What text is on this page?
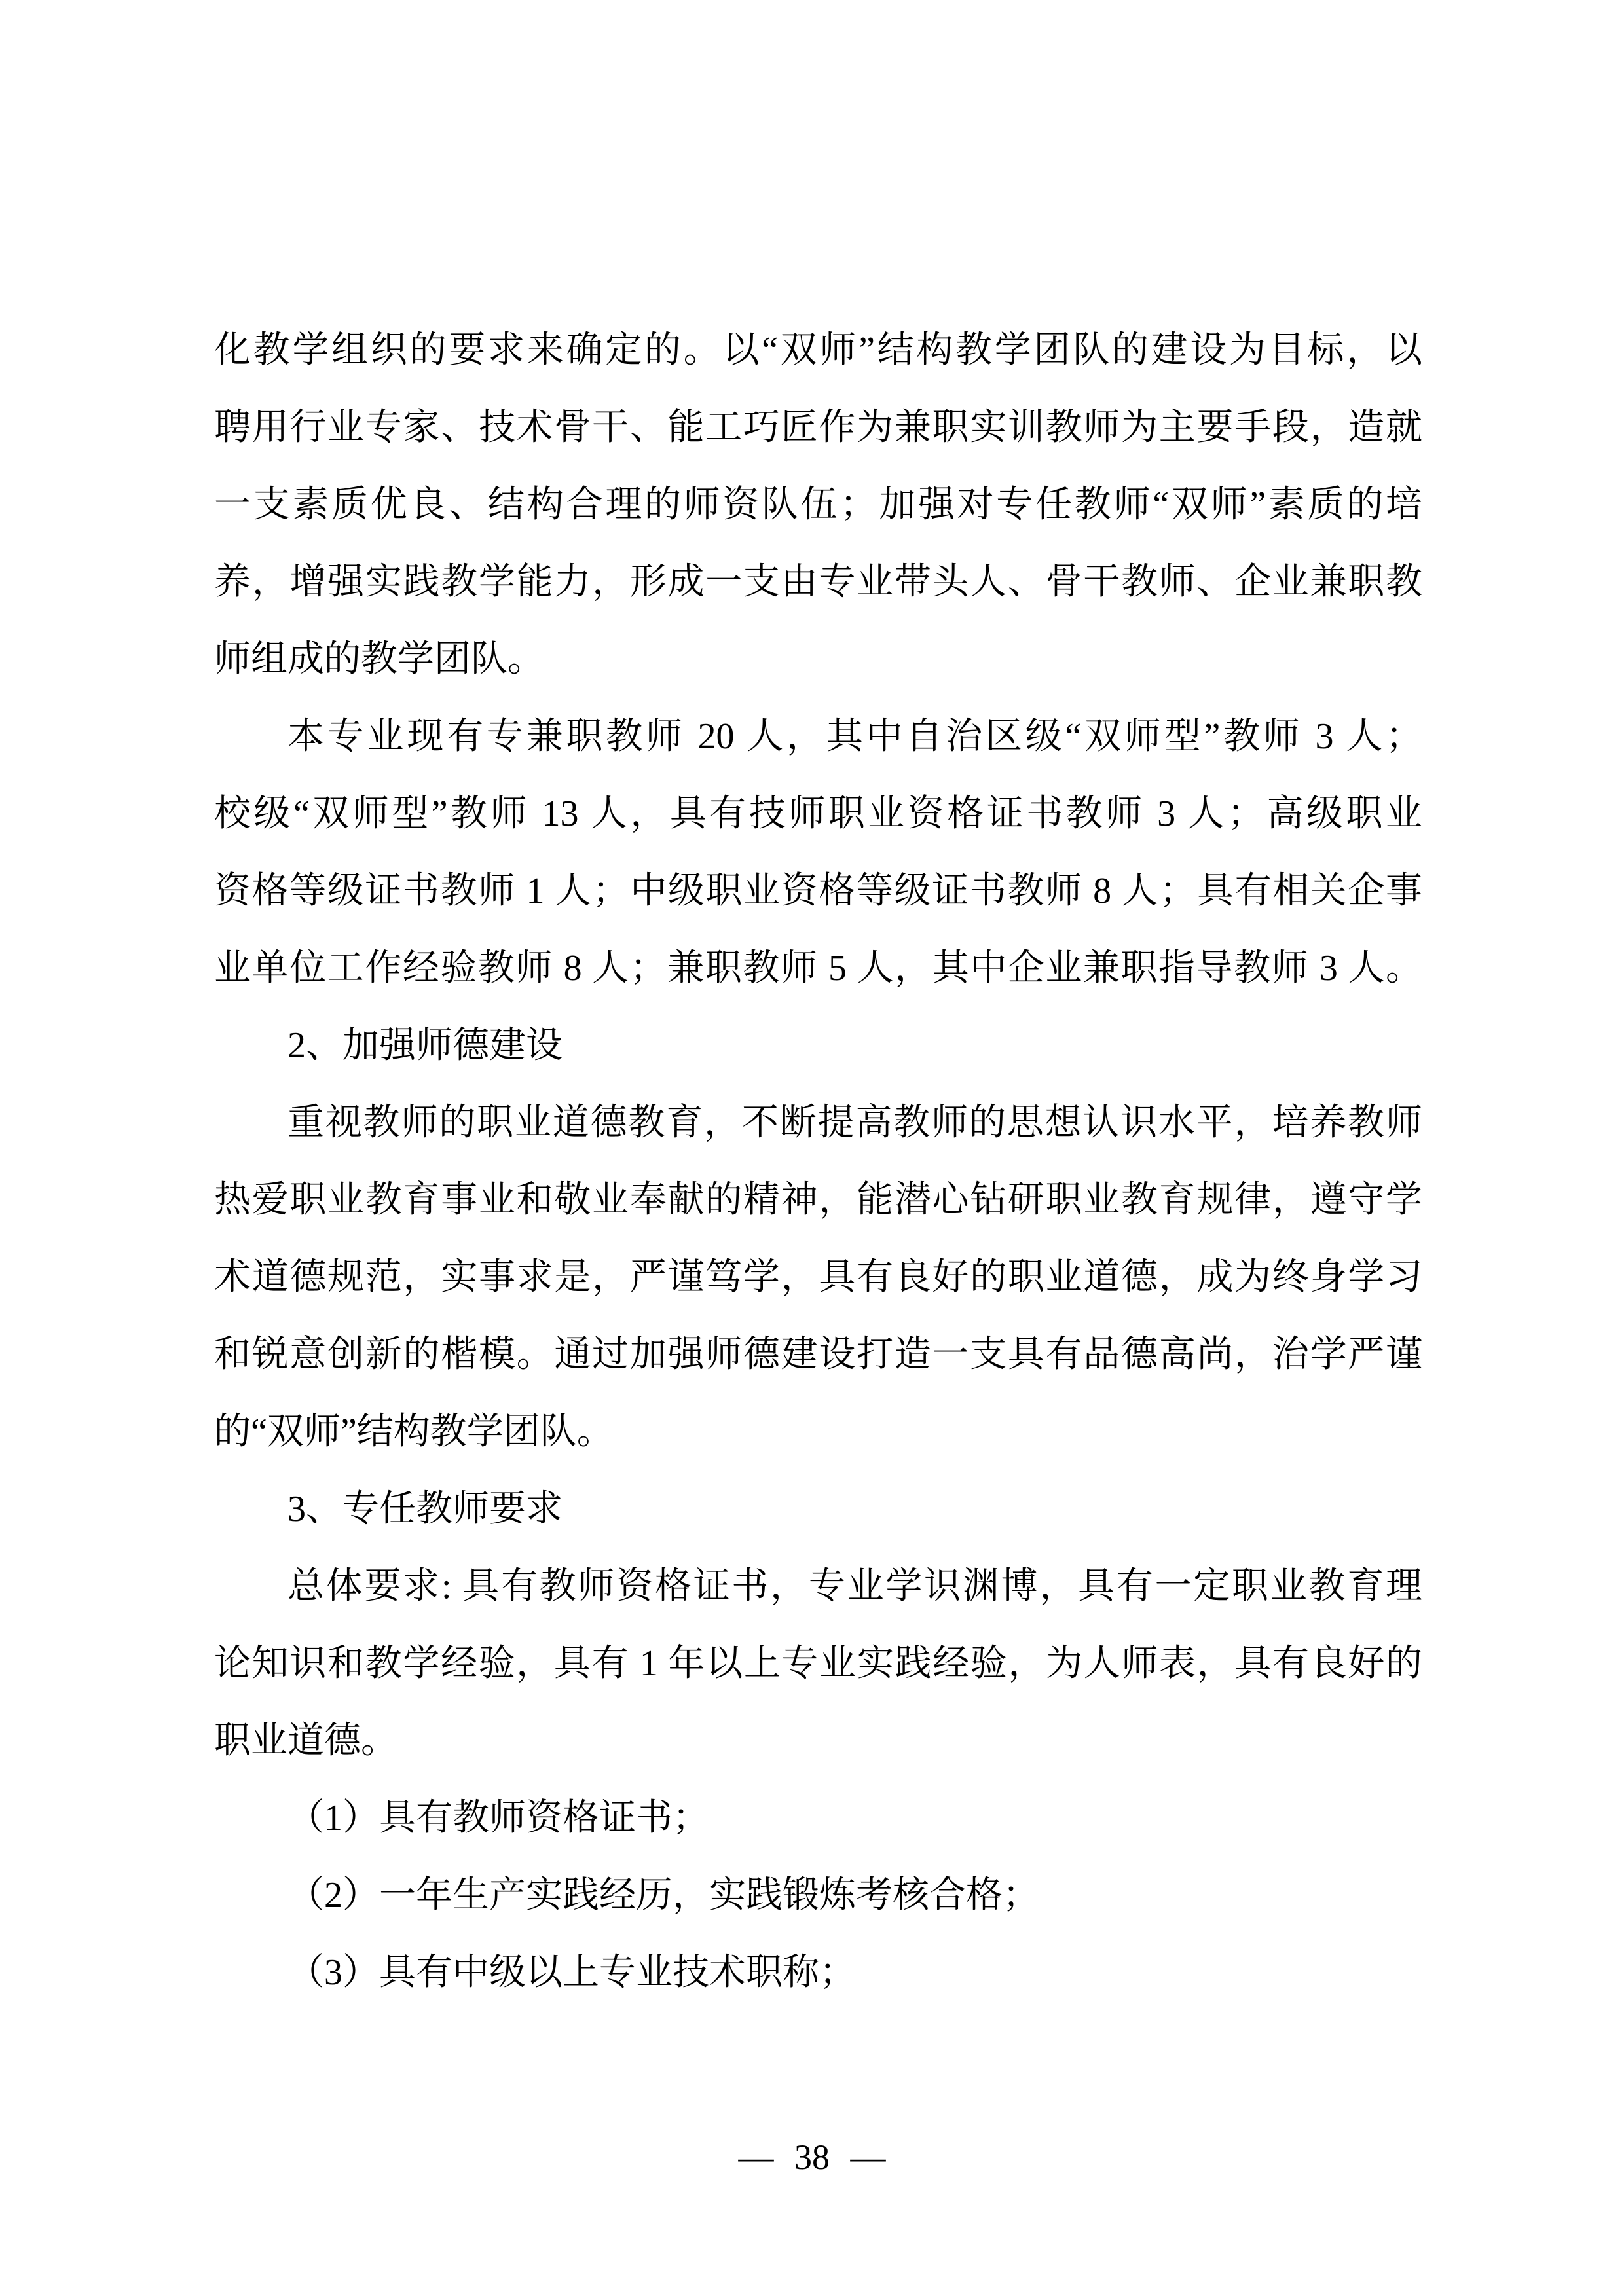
化教学组织的要求来确定的。以“双师”结构教学团队的建设为目标，以
聘用行业专家、技术骨干、能工巧匠作为兼职实训教师为主要手段，造就
一支素质优良、结构合理的师资队伍；加强对专任教师“双师”素质的培
养，增强实践教学能力，形成一支由专业带头人、骨干教师、企业兼职教
师组成的教学团队。
本专业现有专兼职教师 20 人，其中自治区级“双师型”教师 3 人；
校级“双师型”教师 13 人，具有技师职业资格证书教师 3 人；高级职业
资格等级证书教师 1 人；中级职业资格等级证书教师 8 人；具有相关企事
业单位工作经验教师 8 人；兼职教师 5 人，其中企业兼职指导教师 3 人。
2、加强师德建设
重视教师的职业道德教育，不断提高教师的思想认识水平，培养教师
热爱职业教育事业和敬业奉献的精神，能潜心钻研职业教育规律，遵守学
术道德规范，实事求是，严谨笃学，具有良好的职业道德，成为终身学习
和锐意创新的楷模。通过加强师德建设打造一支具有品德高尚，治学严谨
的“双师”结构教学团队。
3、专任教师要求
总体要求: 具有教师资格证书，专业学识渊博，具有一定职业教育理
论知识和教学经验，具有 1 年以上专业实践经验，为人师表，具有良好的
职业道德。
（1）具有教师资格证书；
（2）一年生产实践经历，实践锻炼考核合格；
（3）具有中级以上专业技术职称；
— 38 —
